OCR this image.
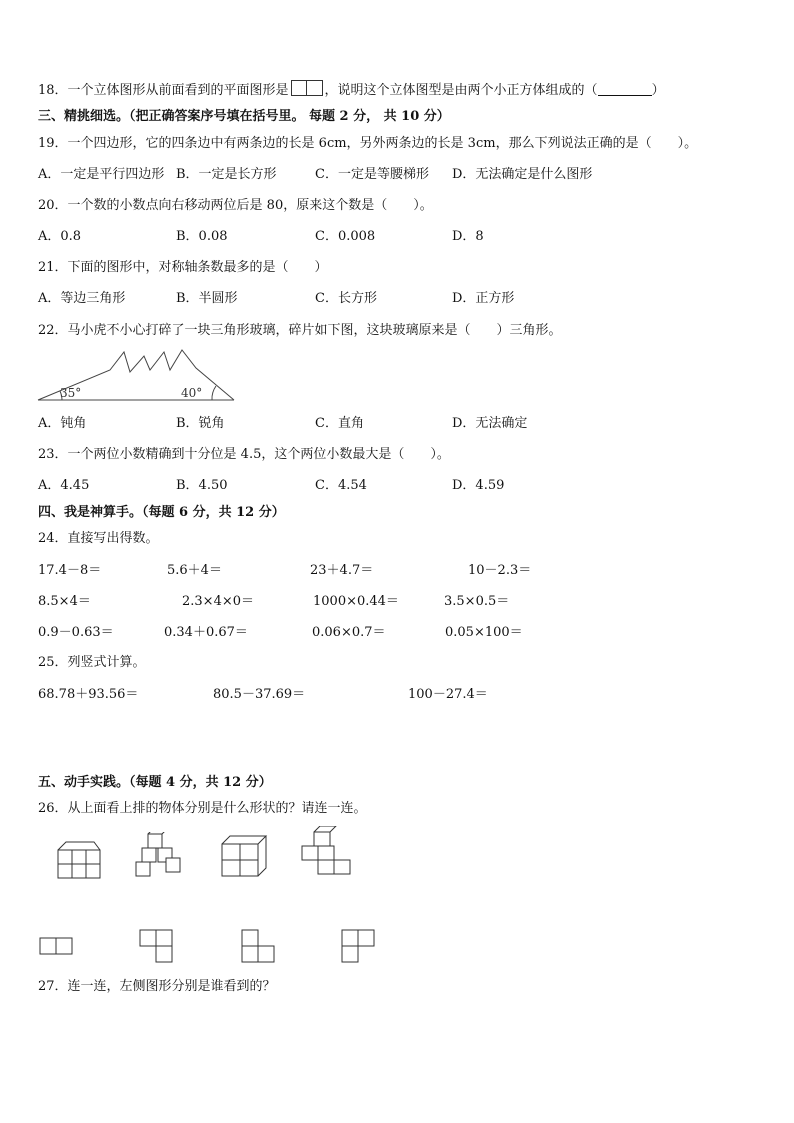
18．一个立体图形从前面看到的平面图形是	，说明这个立体图型是由两个小正方体组成的（	）
三、精挑细选。（把正确答案序号填在括号里。 每题 2 分， 共 10 分）
19．一个四边形，它的四条边中有两条边的长是 6cm，另外两条边的长是 3cm，那么下列说法正确的是（　　）。
A．一定是平行四边形 B．一定是长方形	C．一定是等腰梯形 D．无法确定是什么图形
20．一个数的小数点向右移动两位后是 80，原来这个数是（　　）。
A．0.8	B．0.08	C．0.008	D．8
21．下面的图形中，对称轴条数最多的是（　　）
A．等边三角形	B．半圆形	C．长方形	D．正方形
22．马小虎不小心打碎了一块三角形玻璃，碎片如下图，这块玻璃原来是（　　）三角形。
35°	40°
A．钝角	B．锐角	C．直角	D．无法确定
23．一个两位小数精确到十分位是 4.5，这个两位小数最大是（　　）。
A．4.45	B．4.50	C．4.54	D．4.59
四、我是神算手。（每题 6 分，共 12 分）
24．直接写出得数。
17.4－8＝	5.6＋4＝	23＋4.7＝	10－2.3＝
8.5×4＝	2.3×4×0＝	1000×0.44＝	3.5×0.5＝
0.9－0.63＝	0.34＋0.67＝	0.06×0.7＝	0.05×100＝
25．列竖式计算。
68.78＋93.56＝	80.5－37.69＝	100－27.4＝
五、动手实践。（每题 4 分，共 12 分）
26．从上面看上排的物体分别是什么形状的？请连一连。
27．连一连，左侧图形分别是谁看到的？
